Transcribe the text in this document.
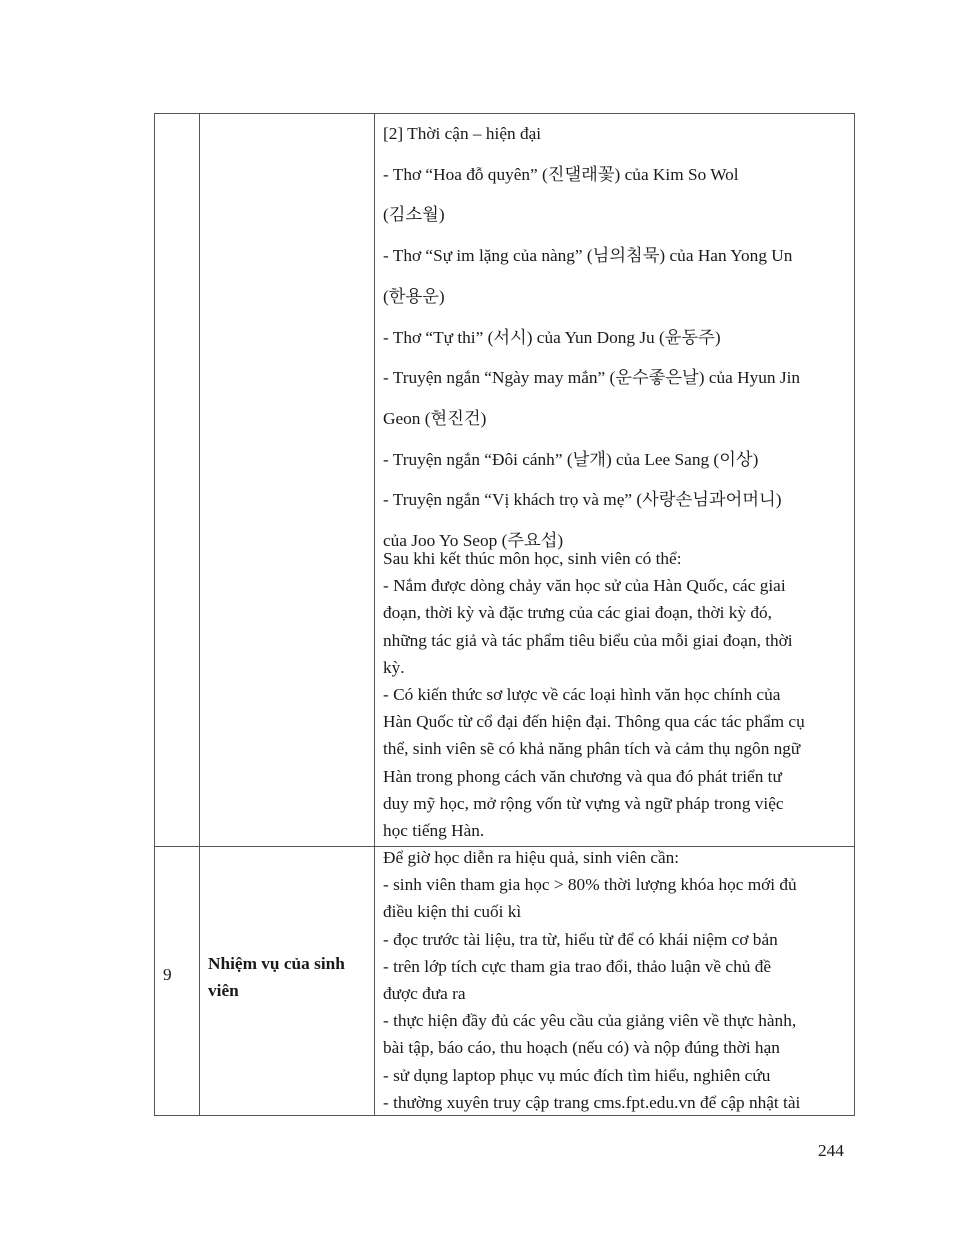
[2] Thời cận – hiện đại

- Thơ “Hoa đỗ quyên” (진댈래꽃) của Kim So Wol

(김소월)

- Thơ “Sự im lặng của nàng” (님의침묵) của Han Yong Un

(한용운)

- Thơ “Tự thi” (서시) của Yun Dong Ju (윤동주)

- Truyện ngắn “Ngày may mắn” (운수좋은날) của Hyun Jin

Geon (현진건)

- Truyện ngắn “Đôi cánh” (날개) của Lee Sang (이상)

- Truyện ngắn “Vị khách trọ và mẹ” (사랑손님과어머니)

của Joo Yo Seop (주요섭)

Sau khi kết thúc môn học, sinh viên có thể:

- Nắm được dòng chảy văn học sử của Hàn Quốc, các giai

đoạn, thời kỳ và đặc trưng của các giai đoạn, thời kỳ đó,

những tác giả và tác phẩm tiêu biểu của mỗi giai đoạn, thời

kỳ.

- Có kiến thức sơ lược về các loại hình văn học chính của

Hàn Quốc từ cổ đại đến hiện đại. Thông qua các tác phẩm cụ

thể, sinh viên sẽ có khả năng phân tích và cảm thụ ngôn ngữ

Hàn trong phong cách văn chương và qua đó phát triển tư

duy mỹ học, mở rộng vốn từ vựng và ngữ pháp trong việc

học tiếng Hàn.

9
Nhiệm vụ của sinh viên

Để giờ học diễn ra hiệu quả, sinh viên cần:

- sinh viên tham gia học > 80% thời lượng khóa học mới đủ

điều kiện thi cuối kì

- đọc trước tài liệu, tra từ, hiểu từ để có khái niệm cơ bản

- trên lớp tích cực tham gia trao đổi, thảo luận về chủ đề

được đưa ra

- thực hiện đầy đủ các yêu cầu của giảng viên về thực hành,

bài tập, báo cáo, thu hoạch (nếu có) và nộp đúng thời hạn

- sử dụng laptop phục vụ múc đích tìm hiểu, nghiên cứu

- thường xuyên truy cập trang cms.fpt.edu.vn để cập nhật tài

244
